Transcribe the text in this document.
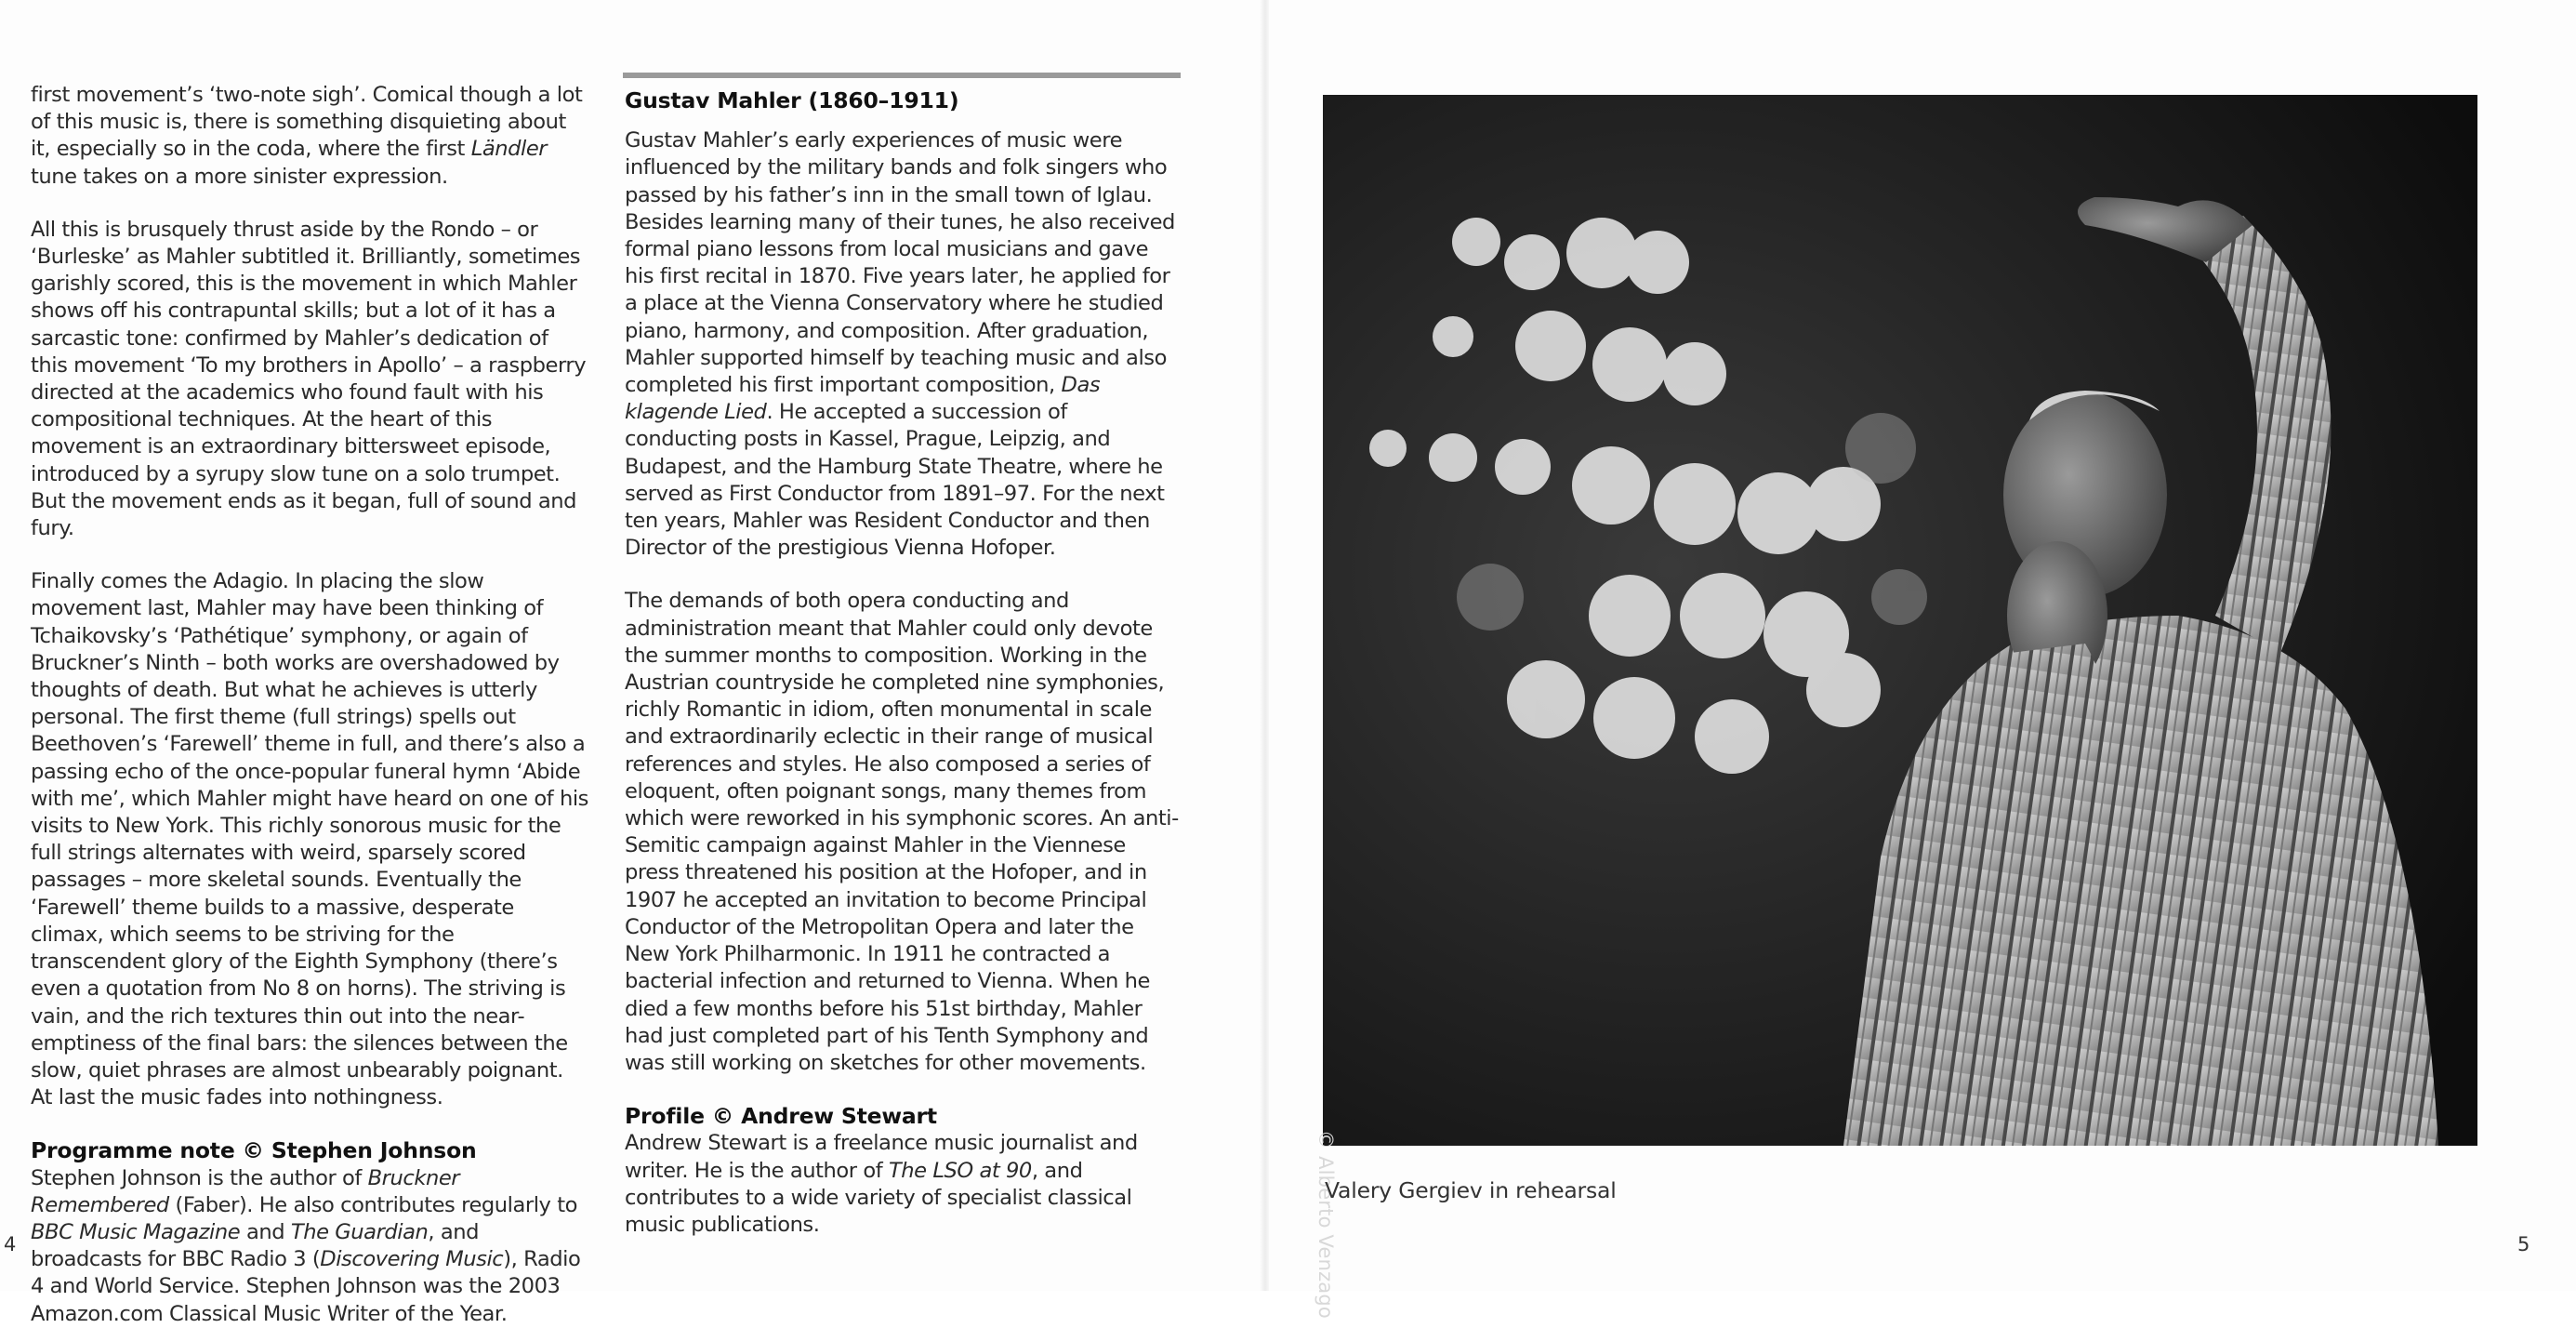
first movement’s ‘two-note sigh’. Comical though a lot of this music is, there is something disquieting about it, especially so in the coda, where the first Ländler tune takes on a more sinister expression.

All this is brusquely thrust aside by the Rondo – or ‘Burleske’ as Mahler subtitled it. Brilliantly, sometimes garishly scored, this is the movement in which Mahler shows off his contrapuntal skills; but a lot of it has a sarcastic tone: confirmed by Mahler’s dedication of this movement ‘To my brothers in Apollo’ – a raspberry directed at the academics who found fault with his compositional techniques. At the heart of this movement is an extraordinary bittersweet episode, introduced by a syrupy slow tune on a solo trumpet. But the movement ends as it began, full of sound and fury.

Finally comes the Adagio. In placing the slow movement last, Mahler may have been thinking of Tchaikovsky’s ‘Pathétique’ symphony, or again of Bruckner’s Ninth – both works are overshadowed by thoughts of death. But what he achieves is utterly personal. The first theme (full strings) spells out Beethoven’s ‘Farewell’ theme in full, and there’s also a passing echo of the once-popular funeral hymn ‘Abide with me’, which Mahler might have heard on one of his visits to New York. This richly sonorous music for the full strings alternates with weird, sparsely scored passages – more skeletal sounds. Eventually the ‘Farewell’ theme builds to a massive, desperate climax, which seems to be striving for the transcendent glory of the Eighth Symphony (there’s even a quotation from No 8 on horns). The striving is vain, and the rich textures thin out into the near-emptiness of the final bars: the silences between the slow, quiet phrases are almost unbearably poignant. At last the music fades into nothingness.

Programme note © Stephen Johnson

Stephen Johnson is the author of Bruckner Remembered (Faber). He also contributes regularly to BBC Music Magazine and The Guardian, and broadcasts for BBC Radio 3 (Discovering Music), Radio 4 and World Service. Stephen Johnson was the 2003 Amazon.com Classical Music Writer of the Year.

Gustav Mahler (1860–1911)

Gustav Mahler’s early experiences of music were influenced by the military bands and folk singers who passed by his father’s inn in the small town of Iglau. Besides learning many of their tunes, he also received formal piano lessons from local musicians and gave his first recital in 1870. Five years later, he applied for a place at the Vienna Conservatory where he studied piano, harmony, and composition. After graduation, Mahler supported himself by teaching music and also completed his first important composition, Das klagende Lied. He accepted a succession of conducting posts in Kassel, Prague, Leipzig, and Budapest, and the Hamburg State Theatre, where he served as First Conductor from 1891–97. For the next ten years, Mahler was Resident Conductor and then Director of the prestigious Vienna Hofoper.

The demands of both opera conducting and administration meant that Mahler could only devote the summer months to composition. Working in the Austrian countryside he completed nine symphonies, richly Romantic in idiom, often monumental in scale and extraordinarily eclectic in their range of musical references and styles. He also composed a series of eloquent, often poignant songs, many themes from which were reworked in his symphonic scores. An anti-Semitic campaign against Mahler in the Viennese press threatened his position at the Hofoper, and in 1907 he accepted an invitation to become Principal Conductor of the Metropolitan Opera and later the New York Philharmonic. In 1911 he contracted a bacterial infection and returned to Vienna. When he died a few months before his 51st birthday, Mahler had just completed part of his Tenth Symphony and was still working on sketches for other movements.

Profile © Andrew Stewart

Andrew Stewart is a freelance music journalist and writer. He is the author of The LSO at 90, and contributes to a wide variety of specialist classical music publications.	© Alberto Venzago
Valery Gergiev in rehearsal
4	5
